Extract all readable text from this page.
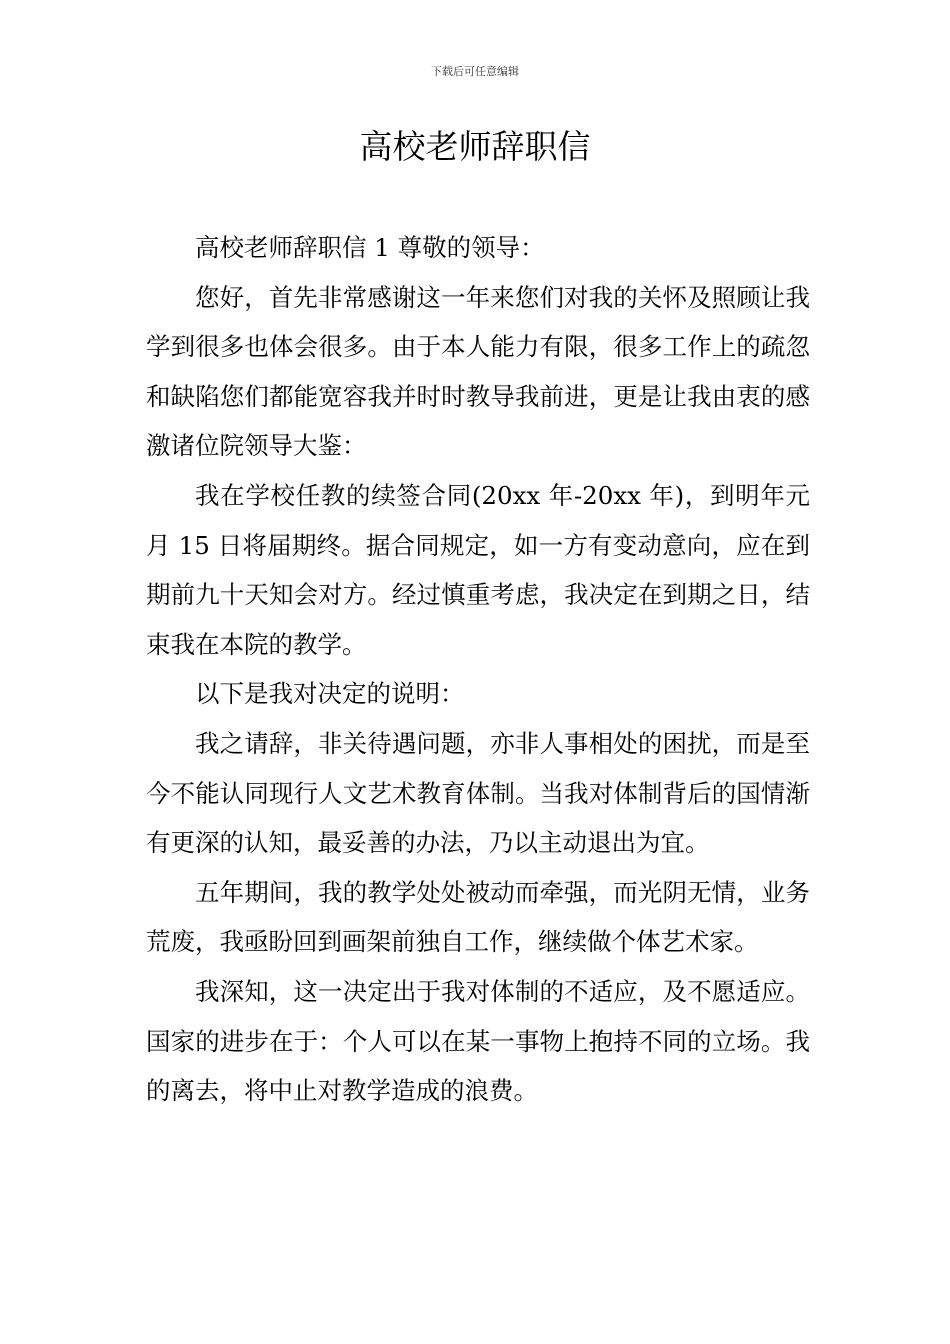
下载后可任意编辑
高校老师辞职信

高校老师辞职信 1 尊敬的领导：

您好，首先非常感谢这一年来您们对我的关怀及照顾让我学到很多也体会很多。由于本人能力有限，很多工作上的疏忽和缺陷您们都能宽容我并时时教导我前进，更是让我由衷的感激诸位院领导大鉴：

我在学校任教的续签合同(20xx 年-20xx 年)，到明年元月 15 日将届期终。据合同规定，如一方有变动意向，应在到期前九十天知会对方。经过慎重考虑，我决定在到期之日，结束我在本院的教学。

以下是我对决定的说明：

我之请辞，非关待遇问题，亦非人事相处的困扰，而是至今不能认同现行人文艺术教育体制。当我对体制背后的国情渐有更深的认知，最妥善的办法，乃以主动退出为宜。

五年期间，我的教学处处被动而牵强，而光阴无情，业务荒废，我亟盼回到画架前独自工作，继续做个体艺术家。

我深知，这一决定出于我对体制的不适应，及不愿适应。国家的进步在于：个人可以在某一事物上抱持不同的立场。我的离去，将中止对教学造成的浪费。
